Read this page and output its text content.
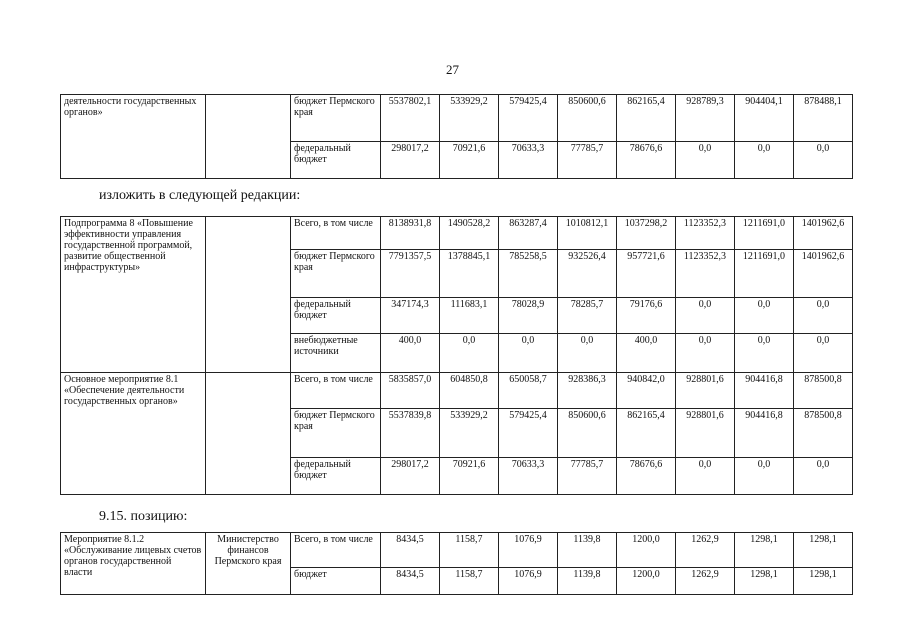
27
деятельности государственных органов»		бюджет Пермского края	5537802,1	533929,2	579425,4	850600,6	862165,4	928789,3	904404,1	878488,1
		федеральный бюджет	298017,2	70921,6	70633,3	77785,7	78676,6	0,0	0,0	0,0
изложить в следующей редакции:
Подпрограмма 8 «Повышение эффективности управления государственной программой, развитие общественной инфраструктуры»		Всего, в том числе	8138931,8	1490528,2	863287,4	1010812,1	1037298,2	1123352,3	1211691,0	1401962,6
		бюджет Пермского края	7791357,5	1378845,1	785258,5	932526,4	957721,6	1123352,3	1211691,0	1401962,6
		федеральный бюджет	347174,3	111683,1	78028,9	78285,7	79176,6	0,0	0,0	0,0
		внебюджетные источники	400,0	0,0	0,0	0,0	400,0	0,0	0,0	0,0
Основное мероприятие 8.1 «Обеспечение деятельности государственных органов»		Всего, в том числе	5835857,0	604850,8	650058,7	928386,3	940842,0	928801,6	904416,8	878500,8
		бюджет Пермского края	5537839,8	533929,2	579425,4	850600,6	862165,4	928801,6	904416,8	878500,8
		федеральный бюджет	298017,2	70921,6	70633,3	77785,7	78676,6	0,0	0,0	0,0
9.15. позицию:
Мероприятие 8.1.2 «Обслуживание лицевых счетов органов государственной власти	Министерство финансов Пермского края	Всего, в том числе	8434,5	1158,7	1076,9	1139,8	1200,0	1262,9	1298,1	1298,1
		бюджет	8434,5	1158,7	1076,9	1139,8	1200,0	1262,9	1298,1	1298,1
